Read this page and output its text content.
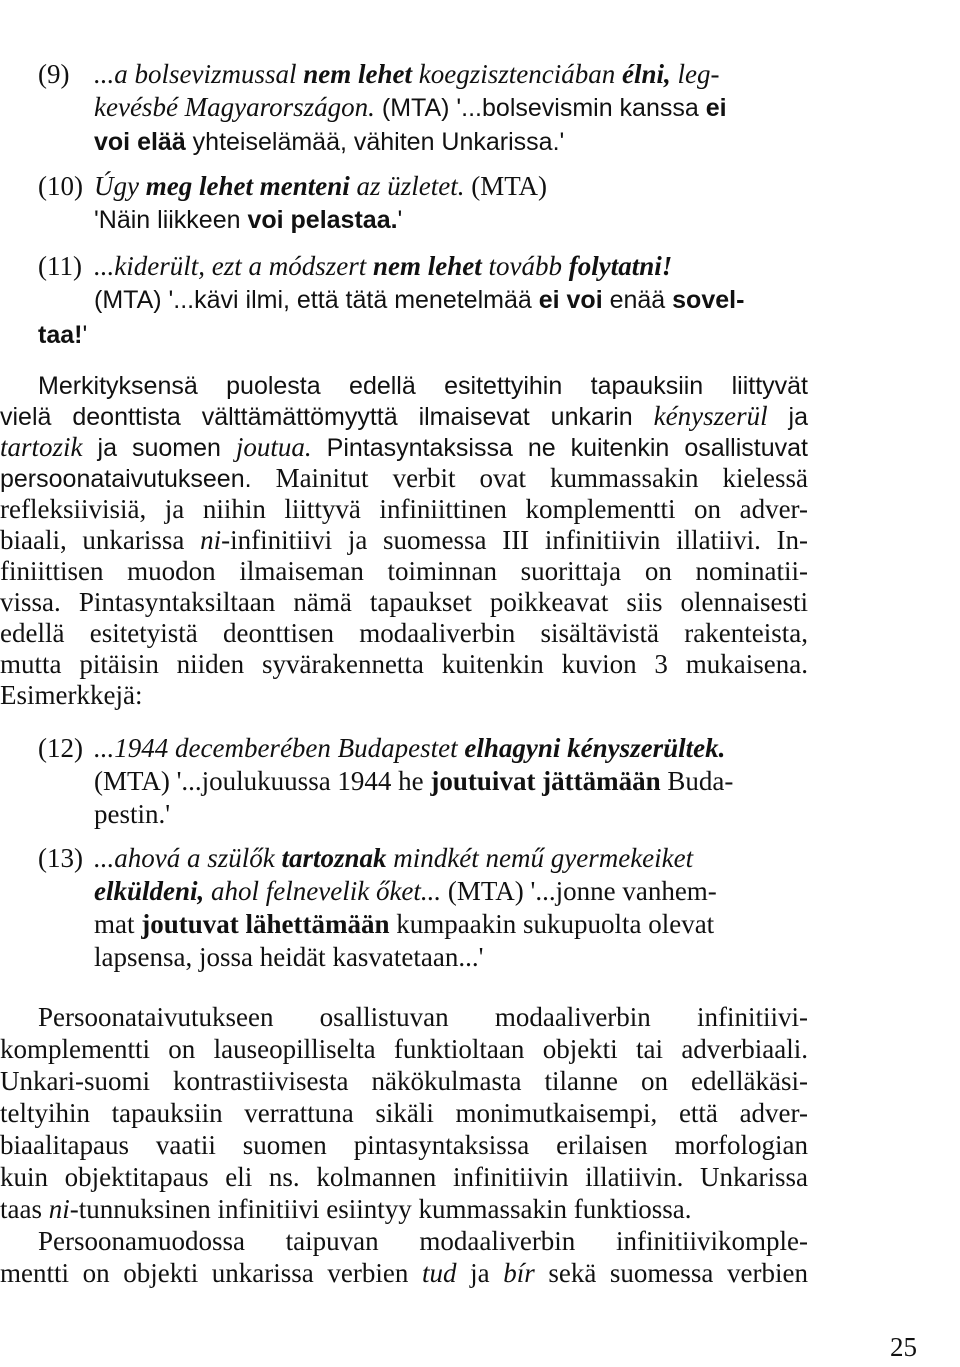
(9) ...a bolsevizmussal nem lehet koegzisztenciában élni, leg-
kevésbé Magyarországon. (MTA) '...bolsevismin kanssa ei
voi elää yhteiselämää, vähiten Unkarissa.'
(10) Úgy meg lehet menteni az üzletet. (MTA)
'Näin liikkeen voi pelastaa.'
(11) ...kiderült, ezt a módszert nem lehet tovább folytatni!
(MTA) '...kävi ilmi, että tätä menetelmää ei voi enää sovel-
taa!'
Merkityksensä puolesta edellä esitettyihin tapauksiin liittyvät
vielä deonttista välttämättömyyttä ilmaisevat unkarin kényszerül ja
tartozik ja suomen joutua. Pintasyntaksissa ne kuitenkin osallistuvat
persoonataivutukseen. Mainitut verbit ovat kummassakin kielessä
refleksiivisiä, ja niihin liittyvä infiniittinen komplementti on adver-
biaali, unkarissa ni-infinitiivi ja suomessa III infinitiivin illatiivi. In-
finiittisen muodon ilmaiseman toiminnan suorittaja on nominatii-
vissa. Pintasyntaksiltaan nämä tapaukset poikkeavat siis olennaisesti
edellä esitetyistä deonttisen modaaliverbin sisältävistä rakenteista,
mutta pitäisin niiden syvärakennetta kuitenkin kuvion 3 mukaisena.
Esimerkkejä:
(12) ...1944 decemberében Budapestet elhagyni kényszerültek.
(MTA) '...joulukuussa 1944 he joutuivat jättämään Buda-
pestin.'
(13) ...ahová a szülők tartoznak mindkét nemű gyermekeiket
elküldeni, ahol felnevelik őket... (MTA) '...jonne vanhem-
mat joutuvat lähettämään kumpaakin sukupuolta olevat
lapsensa, jossa heidät kasvatetaan...'
Persoonataivutukseen osallistuvan modaaliverbin infinitiivi-
komplementti on lauseopilliselta funktioltaan objekti tai adverbiaali.
Unkari-suomi kontrastiivisesta näkökulmasta tilanne on edelläkäsi-
teltyihin tapauksiin verrattuna sikäli monimutkaisempi, että adver-
biaalitapaus vaatii suomen pintasyntaksissa erilaisen morfologian
kuin objektitapaus eli ns. kolmannen infinitiivin illatiivin. Unkarissa
taas ni-tunnuksinen infinitiivi esiintyy kummassakin funktiossa.
Persoonamuodossa taipuvan modaaliverbin infinitiivikomple-
mentti on objekti unkarissa verbien tud ja bír sekä suomessa verbien
25
